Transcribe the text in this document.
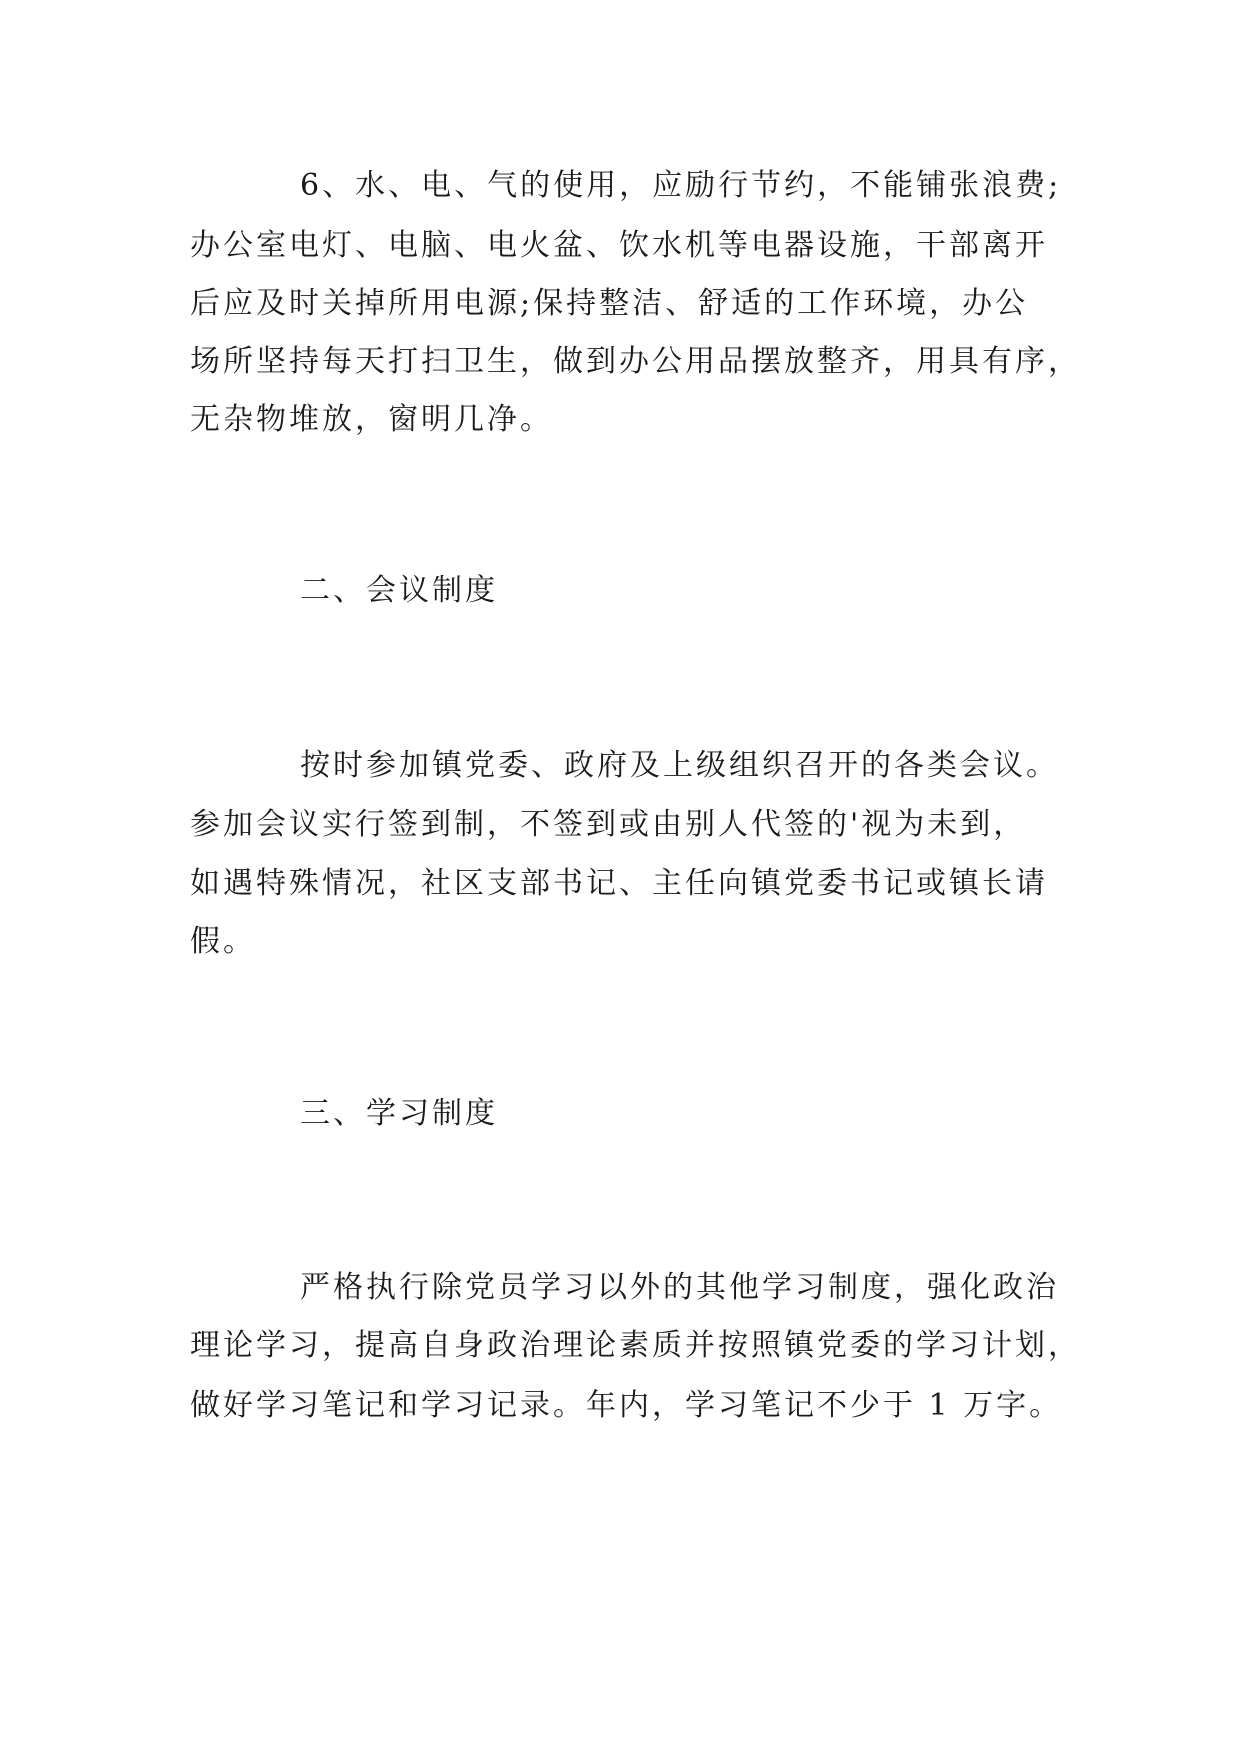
6、水、电、气的使用，应励行节约，不能铺张浪费;
办公室电灯、电脑、电火盆、饮水机等电器设施，干部离开
后应及时关掉所用电源;保持整洁、舒适的工作环境，办公
场所坚持每天打扫卫生，做到办公用品摆放整齐，用具有序，
无杂物堆放，窗明几净。
二、会议制度
按时参加镇党委、政府及上级组织召开的各类会议。
参加会议实行签到制，不签到或由别人代签的'视为未到，
如遇特殊情况，社区支部书记、主任向镇党委书记或镇长请
假。
三、学习制度
严格执行除党员学习以外的其他学习制度，强化政治
理论学习，提高自身政治理论素质并按照镇党委的学习计划，
做好学习笔记和学习记录。年内，学习笔记不少于 1 万字。
